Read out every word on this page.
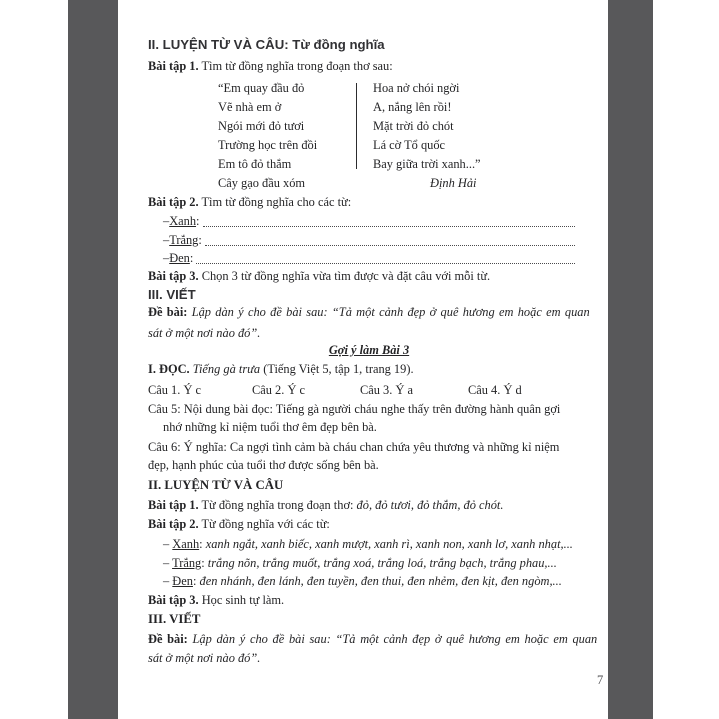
II. LUYỆN TỪ VÀ CÂU: Từ đồng nghĩa
Bài tập 1. Tìm từ đồng nghĩa trong đoạn thơ sau:
“Em quay đầu đỏ
Vẽ nhà em ở
Ngói mới đỏ tươi
Trường học trên đồi
Em tô đỏ thắm
Cây gạo đầu xóm
Hoa nở chói ngời
A, nắng lên rồi!
Mặt trời đỏ chót
Lá cờ Tổ quốc
Bay giữa trời xanh...”
Định Hải
Bài tập 2. Tìm từ đồng nghĩa cho các từ:
– Xanh :
– Trắng :
– Đen :
Bài tập 3. Chọn 3 từ đồng nghĩa vừa tìm được và đặt câu với mỗi từ.
III. VIẾT
Đề bài: Lập dàn ý cho đề bài sau: “Tả một cảnh đẹp ở quê hương em hoặc em quan
sát ở một nơi nào đó”.
Gợi ý làm Bài 3
I. ĐỌC. Tiếng gà trưa (Tiếng Việt 5, tập 1, trang 19).
Câu 1. Ý c	Câu 2. Ý c	Câu 3. Ý a	Câu 4. Ý d
Câu 5: Nội dung bài đọc: Tiếng gà người cháu nghe thấy trên đường hành quân gợi
nhớ những kỉ niệm tuổi thơ êm đẹp bên bà.
Câu 6: Ý nghĩa: Ca ngợi tình cảm bà cháu chan chứa yêu thương và những kỉ niệm
đẹp, hạnh phúc của tuổi thơ được sống bên bà.
II. LUYỆN TỪ VÀ CÂU
Bài tập 1. Từ đồng nghĩa trong đoạn thơ: đỏ, đỏ tươi, đỏ thắm, đỏ chót.
Bài tập 2. Từ đồng nghĩa với các từ:
– Xanh: xanh ngắt, xanh biếc, xanh mượt, xanh rì, xanh non, xanh lơ, xanh nhạt,...
– Trắng: trắng nõn, trắng muốt, trắng xoá, trắng loá, trắng bạch, trắng phau,...
– Đen: đen nhánh, đen lánh, đen tuyền, đen thui, đen nhẻm, đen kịt, đen ngòm,...
Bài tập 3. Học sinh tự làm.
III. VIẾT
Đề bài: Lập dàn ý cho đề bài sau: “Tả một cảnh đẹp ở quê hương em hoặc em quan
sát ở một nơi nào đó”.
7
